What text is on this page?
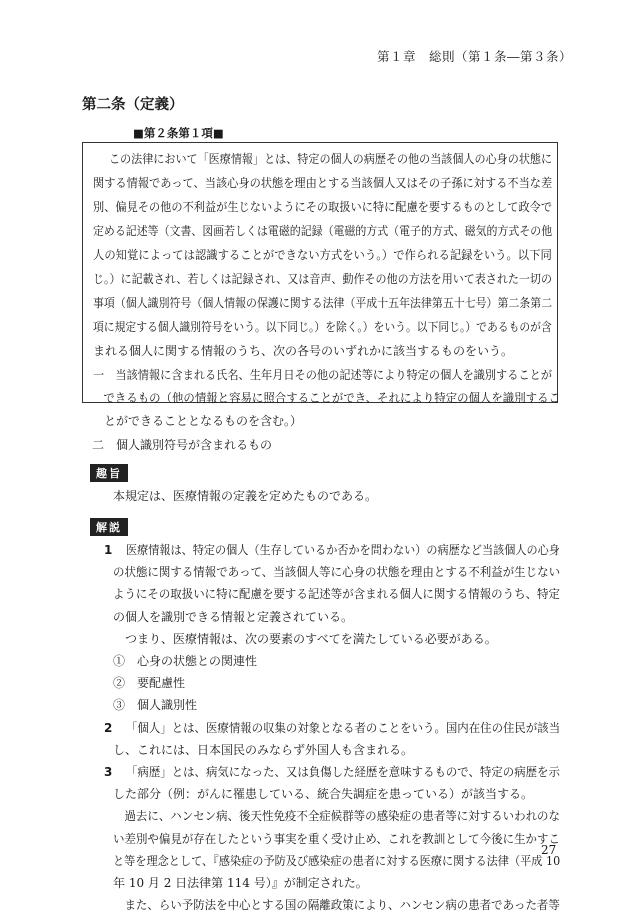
第１章　総則（第１条―第３条）
第二条（定義）
■第２条第１項■
この法律において「医療情報」とは、特定の個人の病歴その他の当該個人の心身の状態に
関する情報であって、当該心身の状態を理由とする当該個人又はその子孫に対する不当な差
別、偏見その他の不利益が生じないようにその取扱いに特に配慮を要するものとして政令で
定める記述等（文書、図画若しくは電磁的記録（電磁的方式（電子的方式、磁気的方式その他
人の知覚によっては認識することができない方式をいう。）で作られる記録をいう。以下同
じ。）に記載され、若しくは記録され、又は音声、動作その他の方法を用いて表された一切の
事項（個人識別符号（個人情報の保護に関する法律（平成十五年法律第五十七号）第二条第二
項に規定する個人識別符号をいう。以下同じ。）を除く。）をいう。以下同じ。）であるものが含
まれる個人に関する情報のうち、次の各号のいずれかに該当するものをいう。
一　当該情報に含まれる氏名、生年月日その他の記述等により特定の個人を識別することが
　できるもの（他の情報と容易に照合することができ、それにより特定の個人を識別するこ
　とができることとなるものを含む。）
二　個人識別符号が含まれるもの
趣旨
本規定は、医療情報の定義を定めたものである。
解説
1 医療情報は、特定の個人（生存しているか否かを問わない）の病歴など当該個人の心身
の状態に関する情報であって、当該個人等に心身の状態を理由とする不利益が生じない
ようにその取扱いに特に配慮を要する記述等が含まれる個人に関する情報のうち、特定
の個人を識別できる情報と定義されている。
　つまり、医療情報は、次の要素のすべてを満たしている必要がある。
①　心身の状態との関連性
②　要配慮性
③　個人識別性
2 「個人」とは、医療情報の収集の対象となる者のことをいう。国内在住の住民が該当
し、これには、日本国民のみならず外国人も含まれる。
3 「病歴」とは、病気になった、又は負傷した経歴を意味するもので、特定の病歴を示
した部分（例：がんに罹患している、統合失調症を患っている）が該当する。
　過去に、ハンセン病、後天性免疫不全症候群等の感染症の患者等に対するいわれのな
い差別や偏見が存在したという事実を重く受け止め、これを教訓として今後に生かすこ
と等を理念として、『感染症の予防及び感染症の患者に対する医療に関する法律（平成 10
年 10 月 2 日法律第 114 号）』が制定された。
　また、らい予防法を中心とする国の隔離政策により、ハンセン病の患者であった者等
27
